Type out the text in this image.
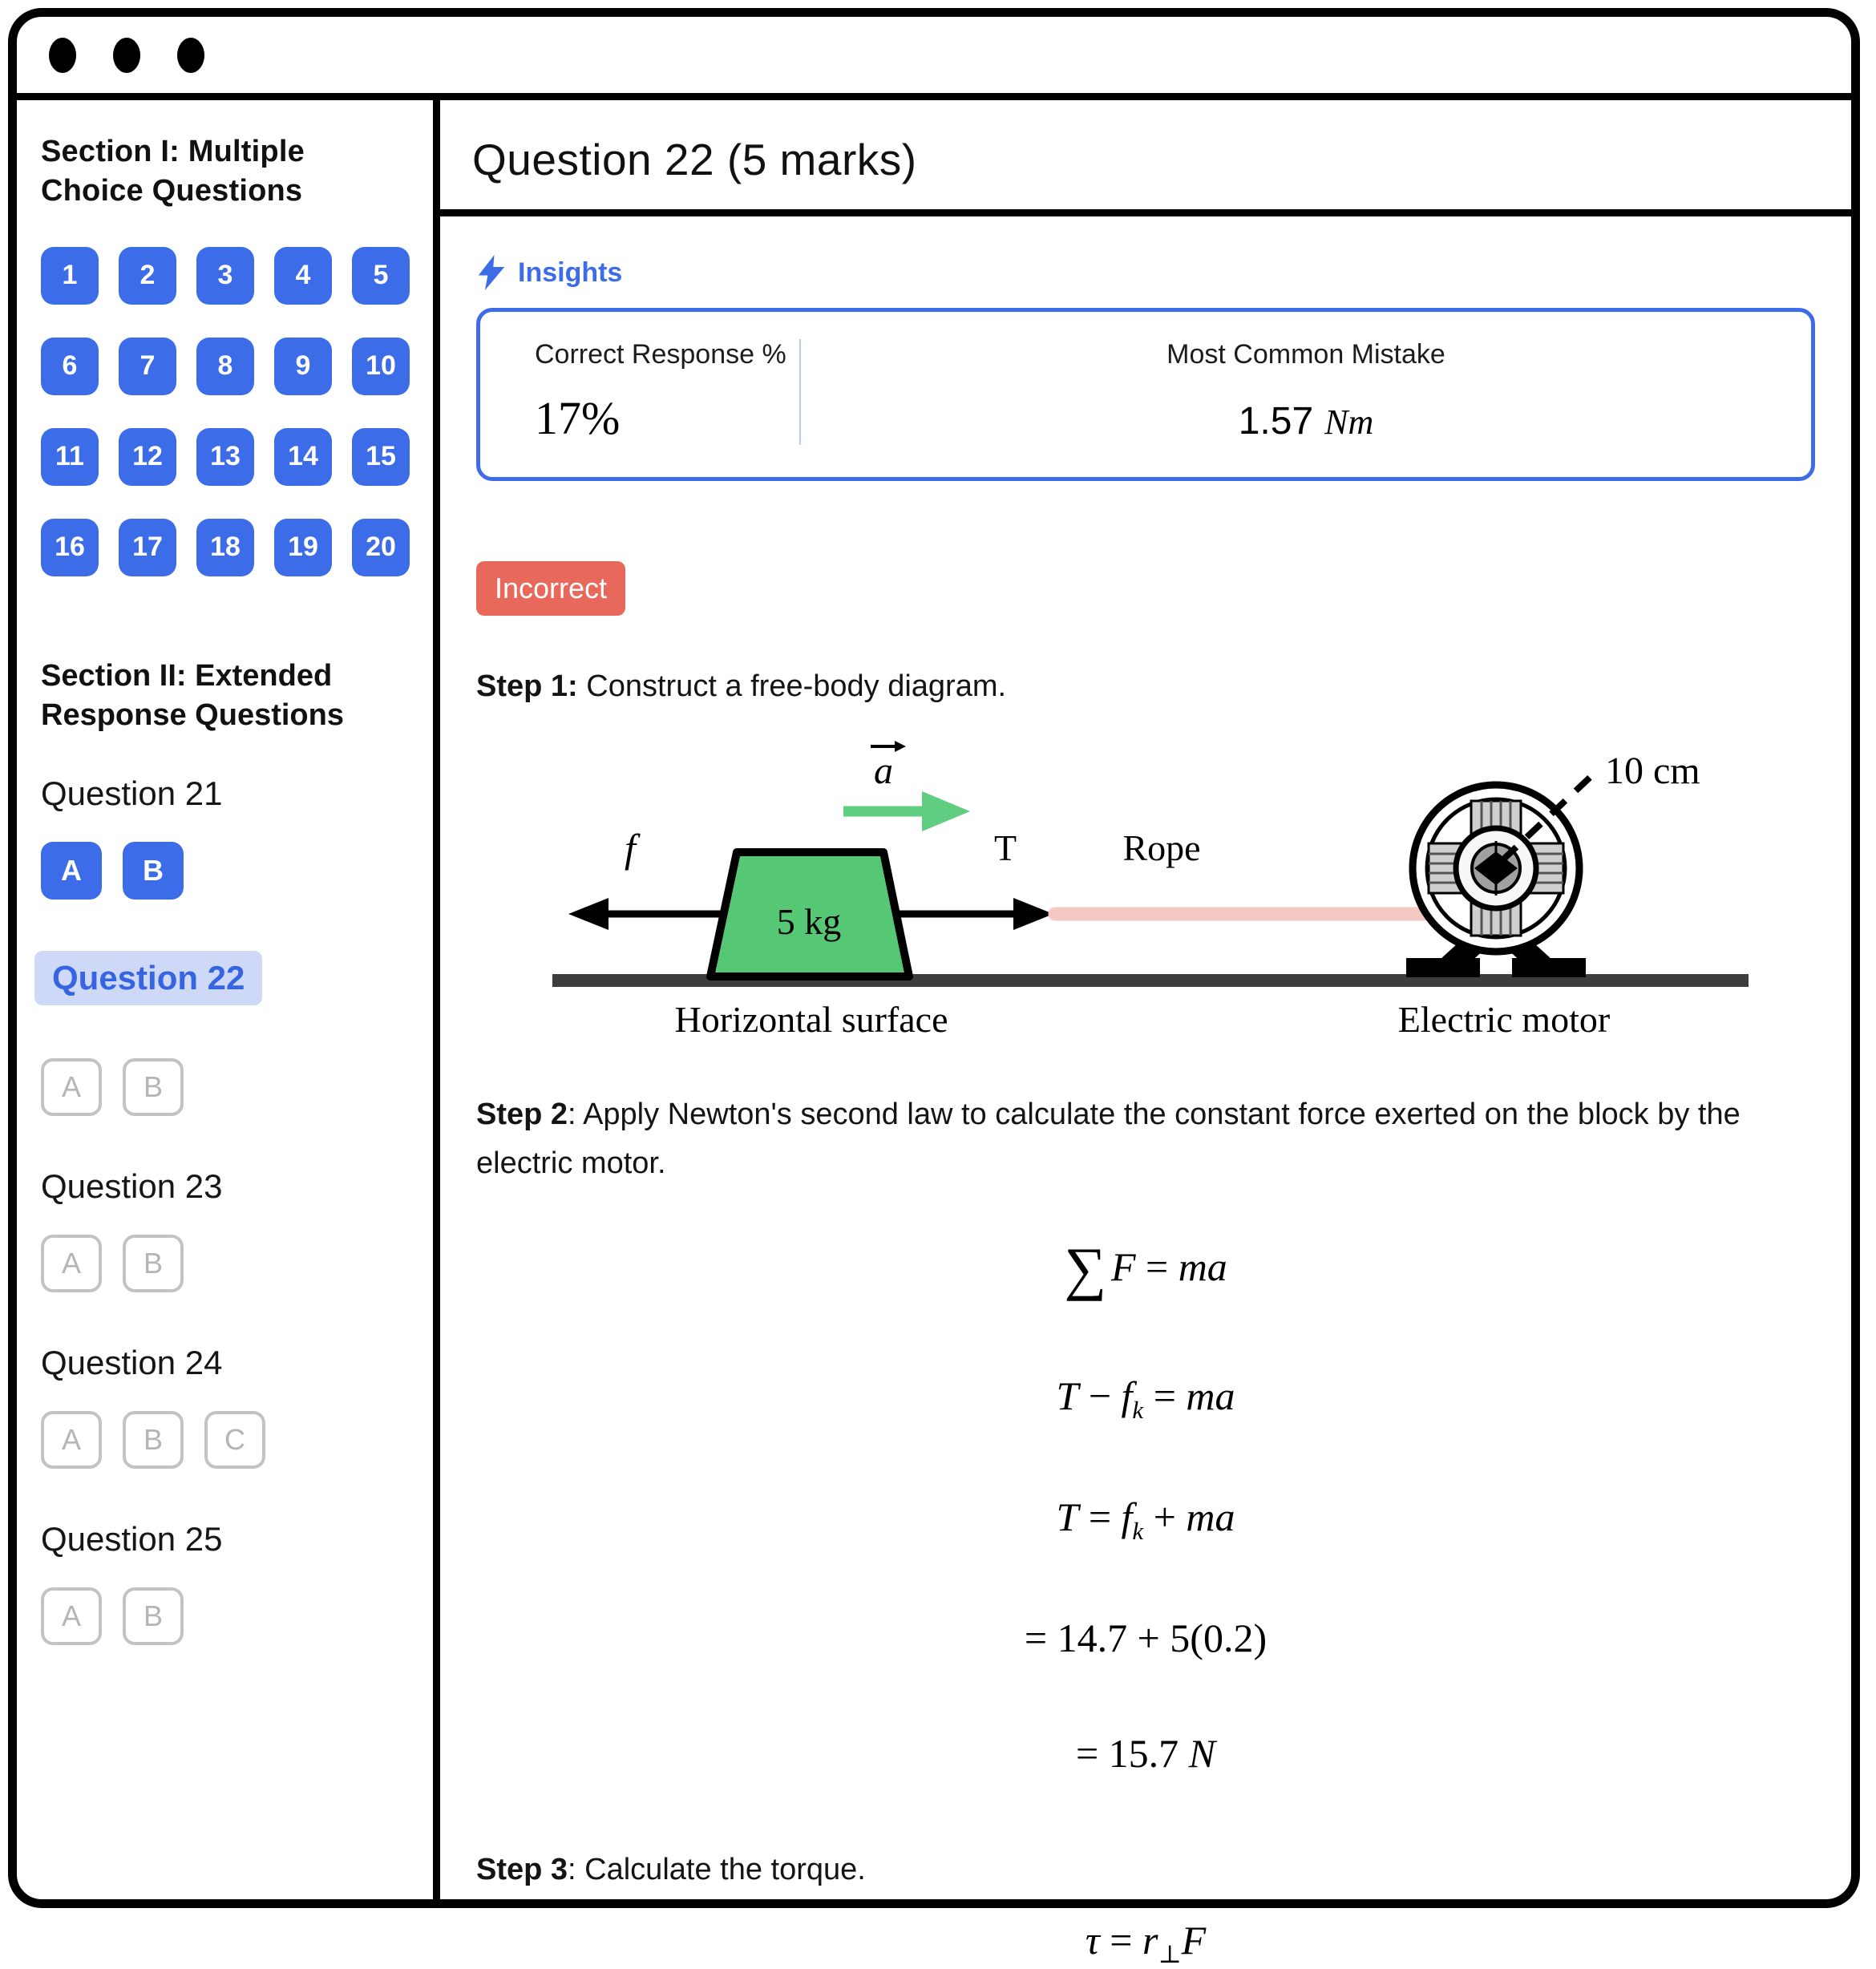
Section I: Multiple Choice Questions
1	2	3	4	5
6	7	8	9	10
11	12	13	14	15
16	17	18	19	20
Section II: Extended Response Questions
Question 21
A	B
Question 22
A	B
Question 23
A	B
Question 24
A	B	C
Question 25
A	B
Question 22 (5 marks)
Insights
Correct Response %
17%
Most Common Mistake
1.57 Nm
Incorrect
Step 1: Construct a free-body diagram.
a
f	T	Rope
5 kg
10 cm
Horizontal surface	Electric motor
Step 2: Apply Newton's second law to calculate the constant force exerted on the block by the electric motor.
∑ F = ma
$T - f_k$ = ma
$T = f_k$ + ma
= 14.7 + 5(0.2)
= 15.7 N
Step 3: Calculate the torque.
$\tau = r_\perp F$
